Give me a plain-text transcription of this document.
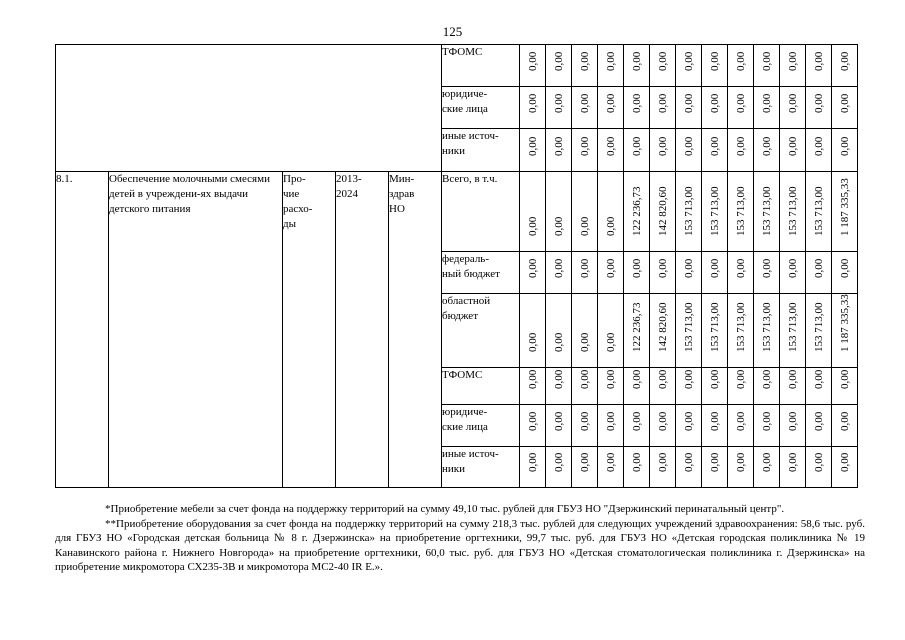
125
					ТФОМС	0,00	0,00	0,00	0,00	0,00	0,00	0,00	0,00	0,00	0,00	0,00	0,00	0,00

					юридиче-
ские лица	0,00	0,00	0,00	0,00	0,00	0,00	0,00	0,00	0,00	0,00	0,00	0,00	0,00

					иные источ-
ники	0,00	0,00	0,00	0,00	0,00	0,00	0,00	0,00	0,00	0,00	0,00	0,00	0,00

8.1.	Обеспечение молочными смесями детей в учреждени-ях выдачи детского питания	Про-
чие
расхо-
ды	2013-
2024	Мин-
здрав
НО	Всего, в т.ч.	0,00	0,00	0,00	0,00	122 236,73	142 820,60	153 713,00	153 713,00	153 713,00	153 713,00	153 713,00	153 713,00	1 187 335,33

					федераль-
ный бюджет	0,00	0,00	0,00	0,00	0,00	0,00	0,00	0,00	0,00	0,00	0,00	0,00	0,00

					областной
бюджет	0,00	0,00	0,00	0,00	122 236,73	142 820,60	153 713,00	153 713,00	153 713,00	153 713,00	153 713,00	153 713,00	1 187 335,33

					ТФОМС	0,00	0,00	0,00	0,00	0,00	0,00	0,00	0,00	0,00	0,00	0,00	0,00	0,00

					юридиче-
ские лица	0,00	0,00	0,00	0,00	0,00	0,00	0,00	0,00	0,00	0,00	0,00	0,00	0,00

					иные источ-
ники	0,00	0,00	0,00	0,00	0,00	0,00	0,00	0,00	0,00	0,00	0,00	0,00	0,00

*Приобретение мебели за счет фонда на поддержку территорий на сумму 49,10 тыс. рублей для ГБУЗ НО "Дзержинский перинатальный центр".

**Приобретение оборудования за счет фонда на поддержку территорий на сумму 218,3 тыс. рублей для следующих учреждений здравоохранения: 58,6 тыс. руб. для ГБУЗ НО «Городская детская больница № 8 г. Дзержинска» на приобретение оргтехники, 99,7 тыс. руб. для ГБУЗ НО «Детская городская поликлиника № 19 Канавинского района г. Нижнего Новгорода» на приобретение оргтехники, 60,0 тыс. руб. для ГБУЗ НО «Детская стоматологическая поликлиника г. Дзержинска» на приобретение микромотора СХ235-3В и микромотора МС2-40 IR E.».
